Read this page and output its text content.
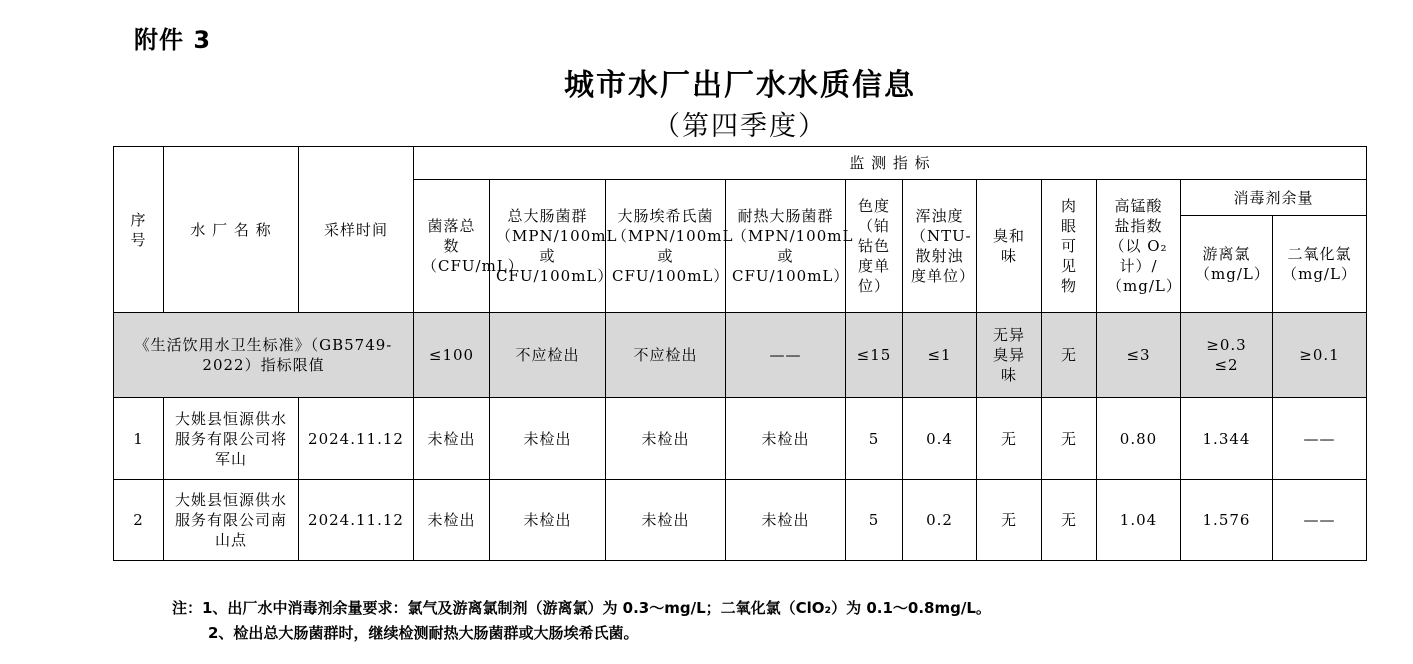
附件 3
城市水厂出厂水水质信息
（第四季度）
序号	水 厂 名 称	采样时间	监 测 指 标										
			菌落总数（CFU/mL）	总大肠菌群（MPN/100mL 或 CFU/100mL）	大肠埃希氏菌（MPN/100mL 或 CFU/100mL）	耐热大肠菌群（MPN/100mL 或 CFU/100mL）	色度（铂钴色度单位）	浑浊度（NTU-散射浊度单位）	臭和味	肉眼可见物	高锰酸盐指数（以 O₂ 计）/（mg/L）	消毒剂余量	
												游离氯（mg/L）	二氧化氯（mg/L）
《生活饮用水卫生标准》（GB5749-2022）指标限值			≤100	不应检出	不应检出	——	≤15	≤1	无异臭异味	无	≤3	≥0.3 ≤2	≥0.1
1	大姚县恒源供水服务有限公司将军山	2024.11.12	未检出	未检出	未检出	未检出	5	0.4	无	无	0.80	1.344	——
2	大姚县恒源供水服务有限公司南山点	2024.11.12	未检出	未检出	未检出	未检出	5	0.2	无	无	1.04	1.576	——
注：1、出厂水中消毒剂余量要求：氯气及游离氯制剂（游离氯）为 0.3～mg/L；二氧化氯（ClO₂）为 0.1～0.8mg/L。
2、检出总大肠菌群时，继续检测耐热大肠菌群或大肠埃希氏菌。
